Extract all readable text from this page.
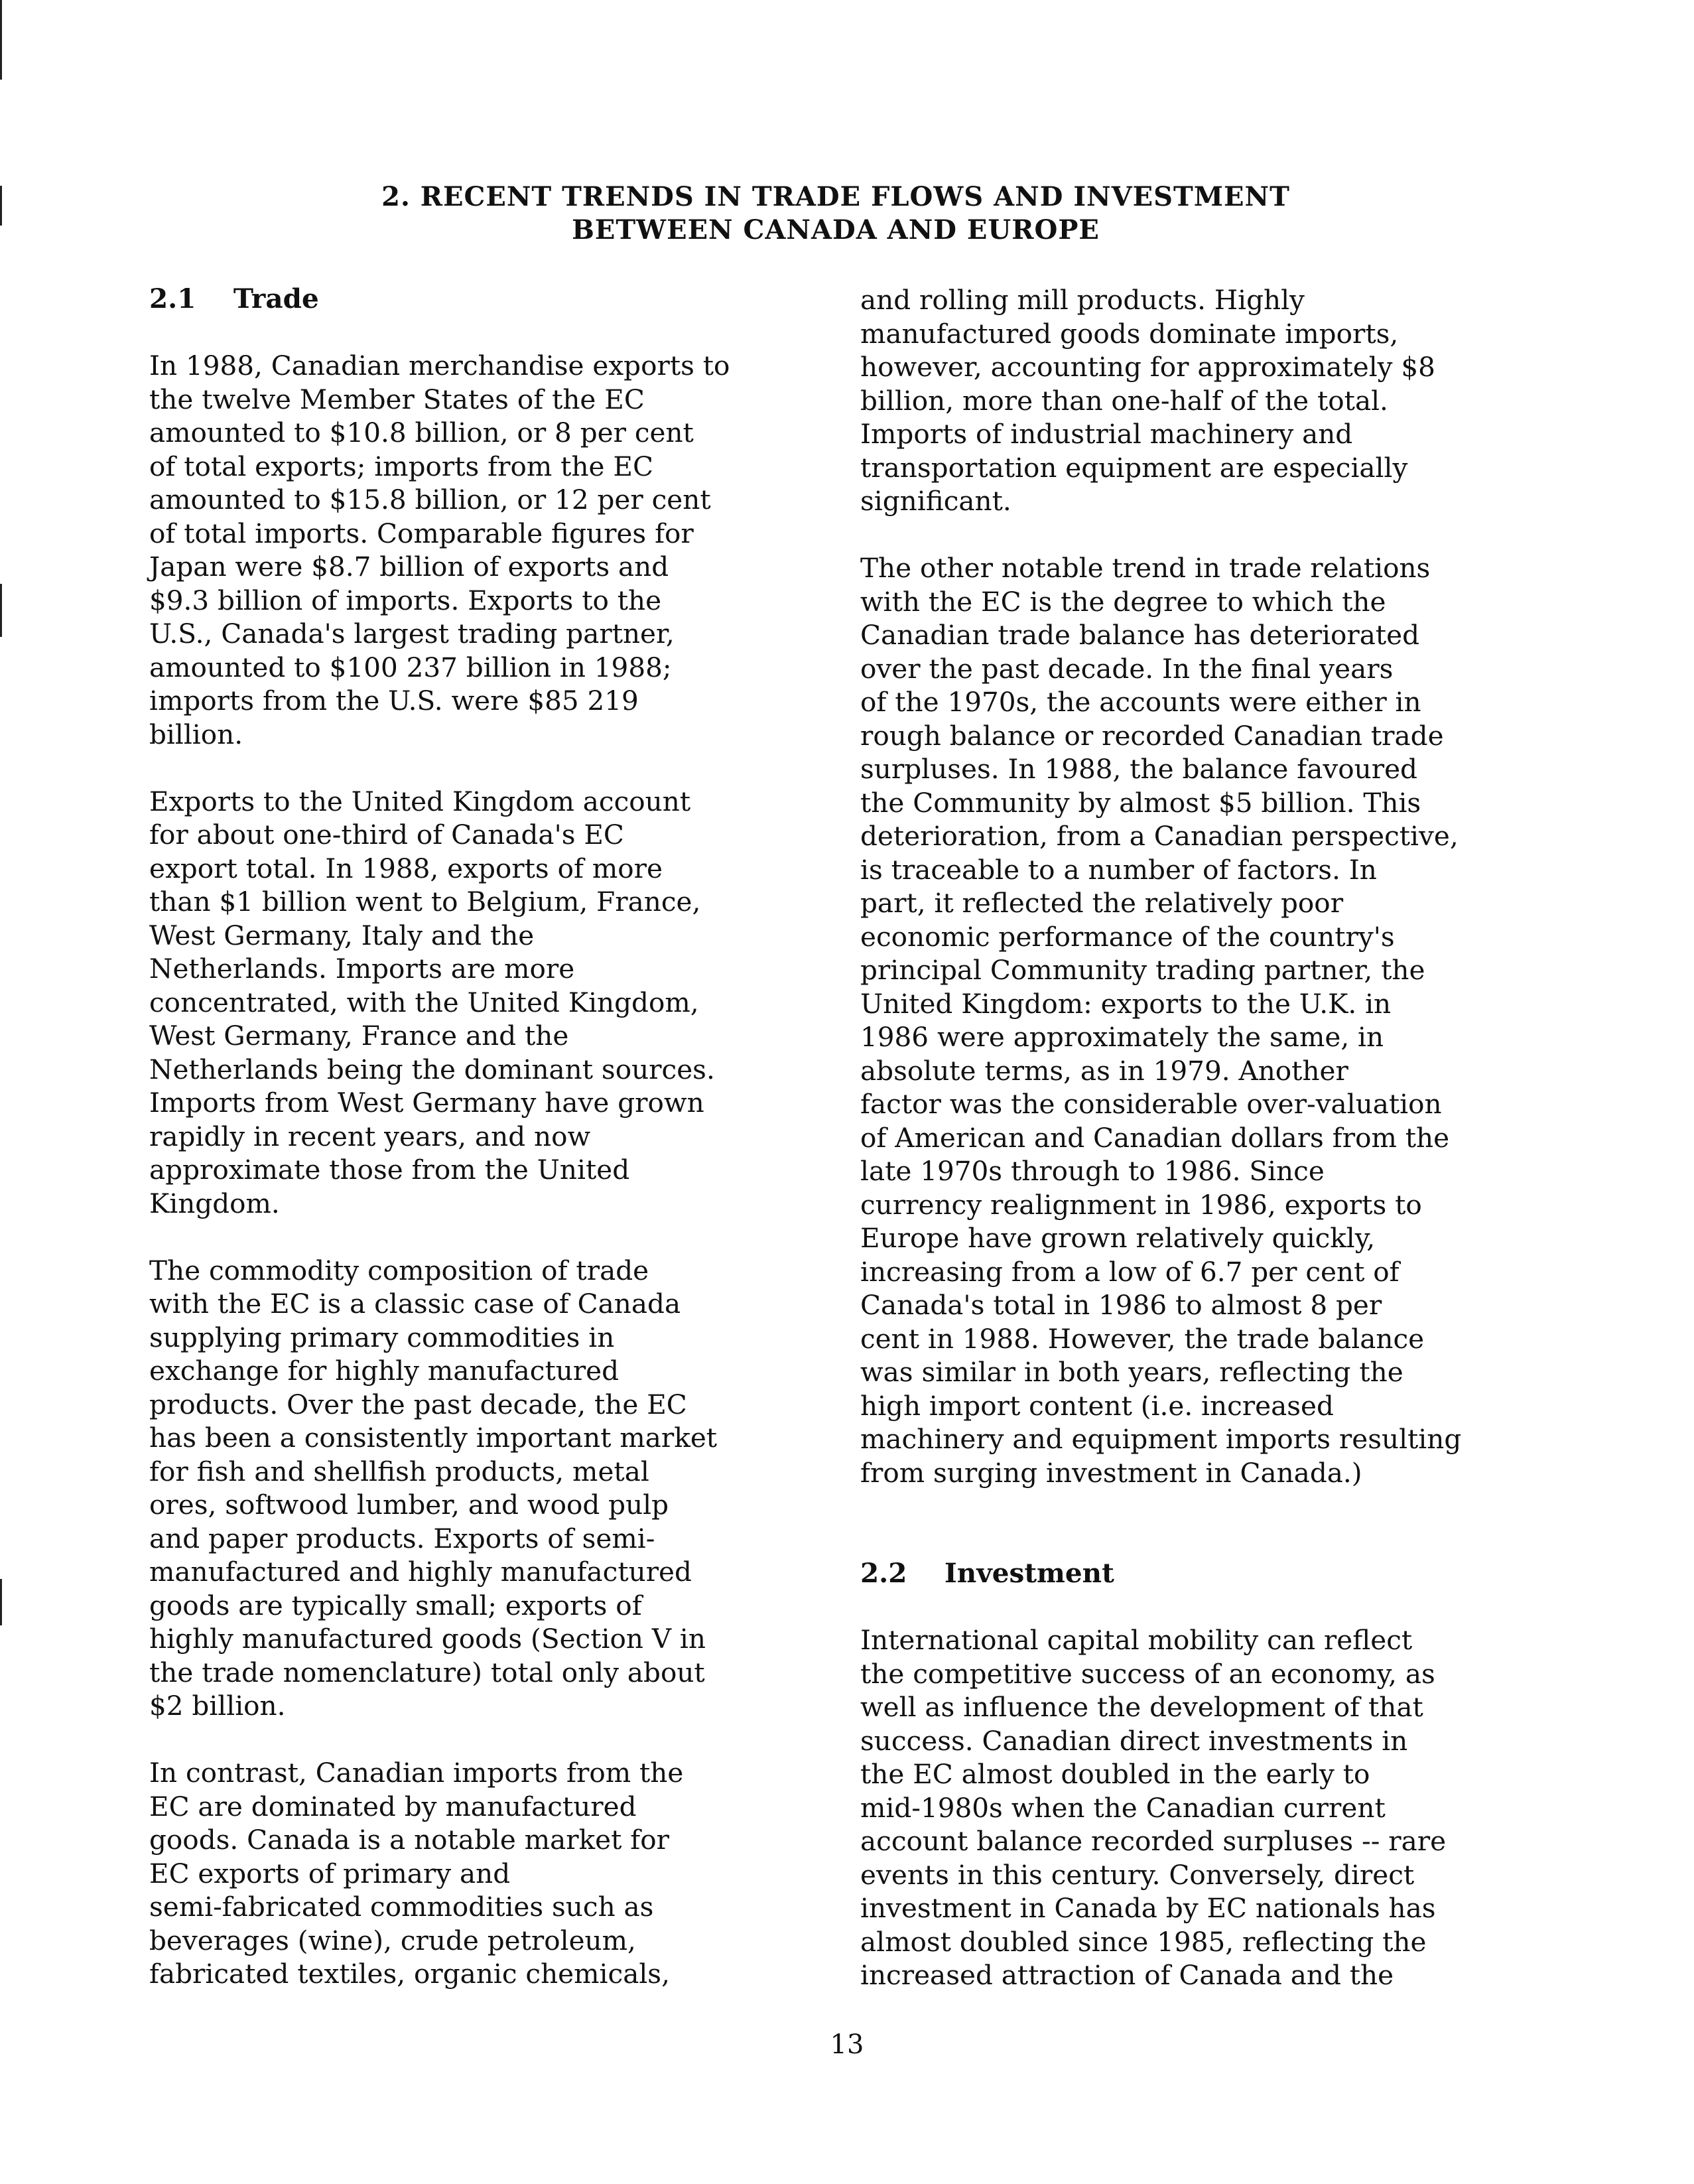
2. RECENT TRENDS IN TRADE FLOWS AND INVESTMENT
BETWEEN CANADA AND EUROPE
2.1    Trade

In 1988, Canadian merchandise exports to
the twelve Member States of the EC
amounted to $10.8 billion, or 8 per cent
of total exports; imports from the EC
amounted to $15.8 billion, or 12 per cent
of total imports. Comparable figures for
Japan were $8.7 billion of exports and
$9.3 billion of imports. Exports to the
U.S., Canada's largest trading partner,
amounted to $100 237 billion in 1988;
imports from the U.S. were $85 219
billion.

Exports to the United Kingdom account
for about one-third of Canada's EC
export total. In 1988, exports of more
than $1 billion went to Belgium, France,
West Germany, Italy and the
Netherlands. Imports are more
concentrated, with the United Kingdom,
West Germany, France and the
Netherlands being the dominant sources.
Imports from West Germany have grown
rapidly in recent years, and now
approximate those from the United
Kingdom.

The commodity composition of trade
with the EC is a classic case of Canada
supplying primary commodities in
exchange for highly manufactured
products. Over the past decade, the EC
has been a consistently important market
for fish and shellfish products, metal
ores, softwood lumber, and wood pulp
and paper products. Exports of semi-
manufactured and highly manufactured
goods are typically small; exports of
highly manufactured goods (Section V in
the trade nomenclature) total only about
$2 billion.

In contrast, Canadian imports from the
EC are dominated by manufactured
goods. Canada is a notable market for
EC exports of primary and
semi-fabricated commodities such as
beverages (wine), crude petroleum,
fabricated textiles, organic chemicals,

and rolling mill products. Highly
manufactured goods dominate imports,
however, accounting for approximately $8
billion, more than one-half of the total.
Imports of industrial machinery and
transportation equipment are especially
significant.

The other notable trend in trade relations
with the EC is the degree to which the
Canadian trade balance has deteriorated
over the past decade. In the final years
of the 1970s, the accounts were either in
rough balance or recorded Canadian trade
surpluses. In 1988, the balance favoured
the Community by almost $5 billion. This
deterioration, from a Canadian perspective,
is traceable to a number of factors. In
part, it reflected the relatively poor
economic performance of the country's
principal Community trading partner, the
United Kingdom: exports to the U.K. in
1986 were approximately the same, in
absolute terms, as in 1979. Another
factor was the considerable over-valuation
of American and Canadian dollars from the
late 1970s through to 1986. Since
currency realignment in 1986, exports to
Europe have grown relatively quickly,
increasing from a low of 6.7 per cent of
Canada's total in 1986 to almost 8 per
cent in 1988. However, the trade balance
was similar in both years, reflecting the
high import content (i.e. increased
machinery and equipment imports resulting
from surging investment in Canada.)

2.2    Investment

International capital mobility can reflect
the competitive success of an economy, as
well as influence the development of that
success. Canadian direct investments in
the EC almost doubled in the early to
mid-1980s when the Canadian current
account balance recorded surpluses -- rare
events in this century. Conversely, direct
investment in Canada by EC nationals has
almost doubled since 1985, reflecting the
increased attraction of Canada and the

13
